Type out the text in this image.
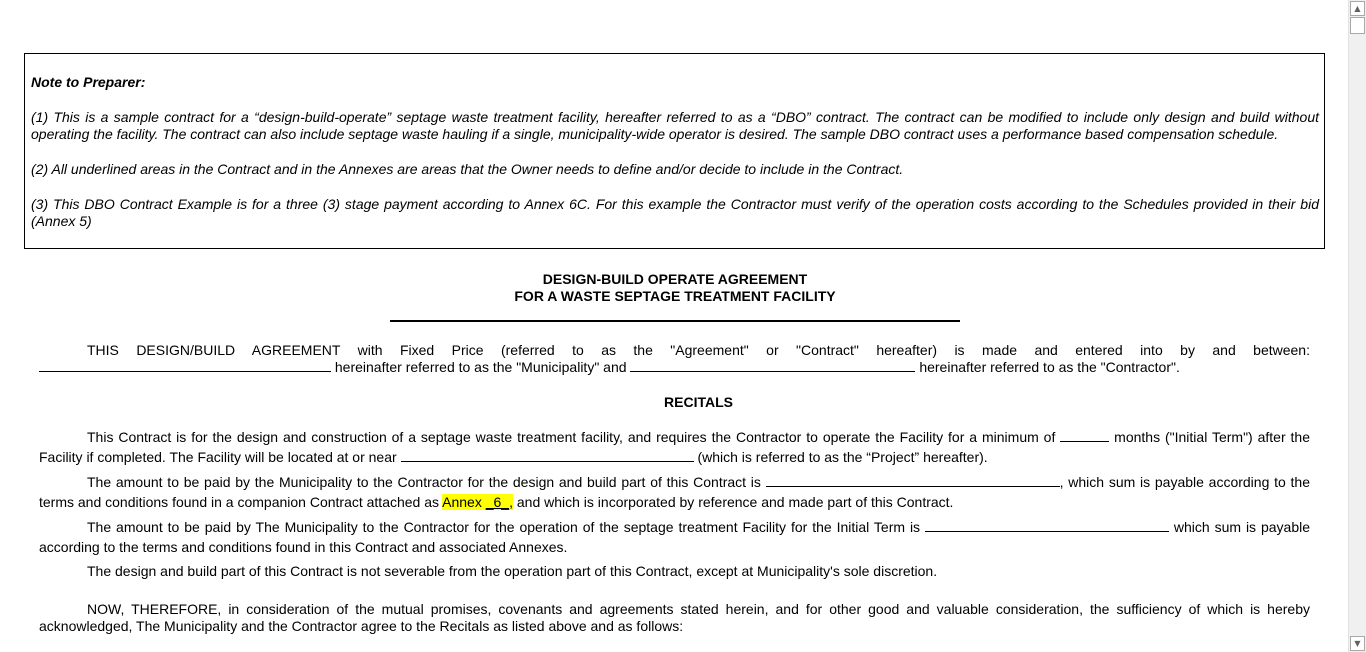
Note to Preparer:

(1) This is a sample contract for a “design-build-operate” septage waste treatment facility, hereafter referred to as a “DBO” contract. The contract can be modified to include only design and build without operating the facility. The contract can also include septage waste hauling if a single, municipality-wide operator is desired. The sample DBO contract uses a performance based compensation schedule.

(2) All underlined areas in the Contract and in the Annexes are areas that the Owner needs to define and/or decide to include in the Contract.

(3) This DBO Contract Example is for a three (3) stage payment according to Annex 6C. For this example the Contractor must verify of the operation costs according to the Schedules provided in their bid (Annex 5)

DESIGN-BUILD OPERATE AGREEMENT
FOR A WASTE SEPTAGE TREATMENT FACILITY
THIS DESIGN/BUILD AGREEMENT with Fixed Price (referred to as the "Agreement" or "Contract" hereafter) is made and entered into by and between:  hereinafter referred to as the "Municipality" and	hereinafter referred to as the "Contractor".
RECITALS
This Contract is for the design and construction of a septage waste treatment facility, and requires the Contractor to operate the Facility for a minimum of	months ("Initial Term") after the Facility if completed. The Facility will be located at or near	(which is referred to as the “Project” hereafter).
The amount to be paid by the Municipality to the Contractor for the design and build part of this Contract is	, which sum is payable according to the terms and conditions found in a companion Contract attached as Annex _6_, and which is incorporated by reference and made part of this Contract.
The amount to be paid by The Municipality to the Contractor for the operation of the septage treatment Facility for the Initial Term is	which sum is payable according to the terms and conditions found in this Contract and associated Annexes.
The design and build part of this Contract is not severable from the operation part of this Contract, except at Municipality's sole discretion.
NOW, THEREFORE, in consideration of the mutual promises, covenants and agreements stated herein, and for other good and valuable consideration, the sufficiency of which is hereby acknowledged, The Municipality and the Contractor agree to the Recitals as listed above and as follows:
▲
▼
